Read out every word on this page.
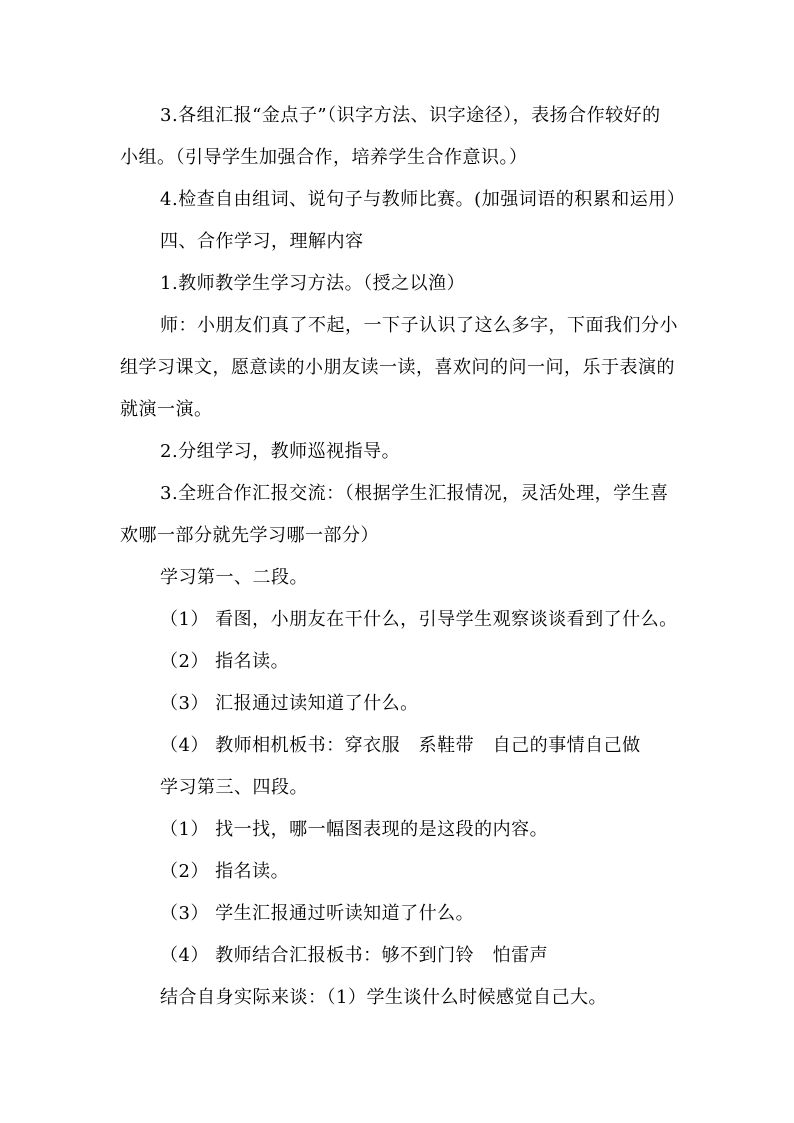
3.各组汇报“金点子”（识字方法、识字途径），表扬合作较好的
小组。（引导学生加强合作，培养学生合作意识。）
4.检查自由组词、说句子与教师比赛。(加强词语的积累和运用）
四、合作学习，理解内容
1.教师教学生学习方法。（授之以渔）
师：小朋友们真了不起，一下子认识了这么多字，下面我们分小
组学习课文，愿意读的小朋友读一读，喜欢问的问一问，乐于表演的
就演一演。
2.分组学习，教师巡视指导。
3.全班合作汇报交流：（根据学生汇报情况，灵活处理，学生喜
欢哪一部分就先学习哪一部分）
学习第一、二段。
（1） 看图，小朋友在干什么，引导学生观察谈谈看到了什么。
（2） 指名读。
（3） 汇报通过读知道了什么。
（4） 教师相机板书：穿衣服　系鞋带　自己的事情自己做
学习第三、四段。
（1） 找一找，哪一幅图表现的是这段的内容。
（2） 指名读。
（3） 学生汇报通过听读知道了什么。
（4） 教师结合汇报板书：够不到门铃　怕雷声
结合自身实际来谈：（1）学生谈什么时候感觉自己大。
